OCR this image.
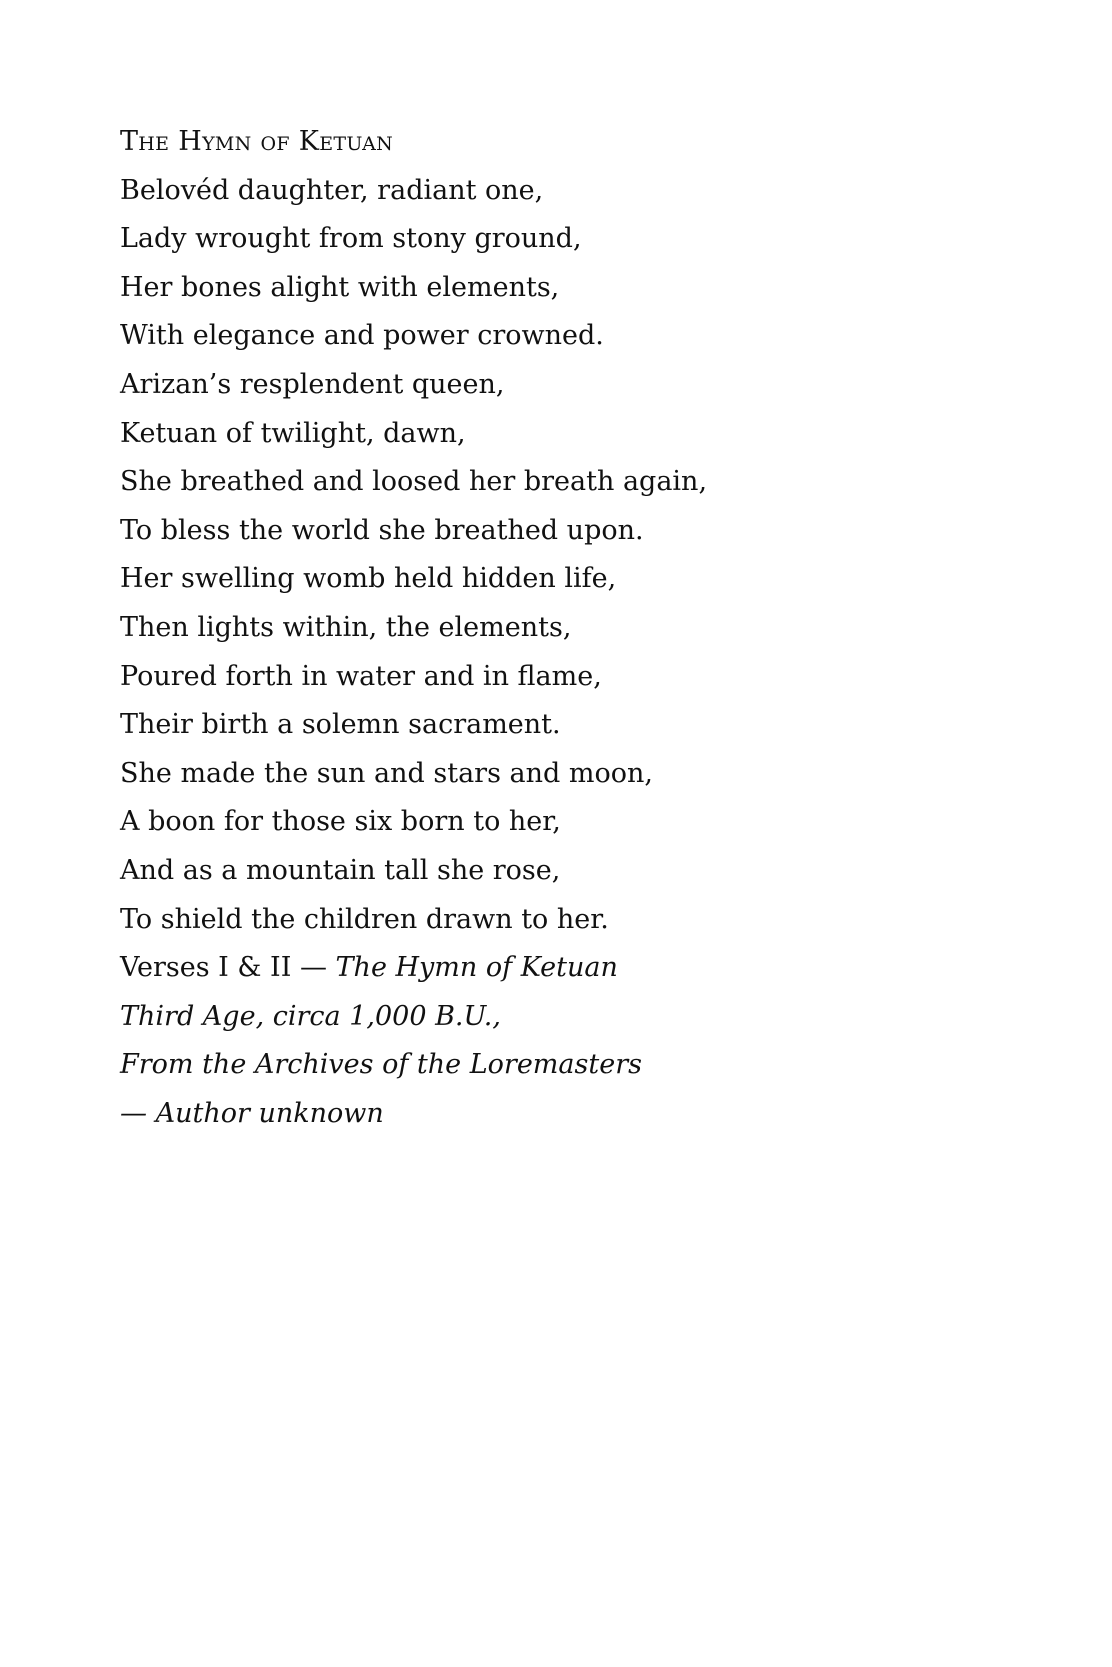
The Hymn of Ketuan
Belovéd daughter, radiant one,
Lady wrought from stony ground,
Her bones alight with elements,
With elegance and power crowned.
Arizan’s resplendent queen,
Ketuan of twilight, dawn,
She breathed and loosed her breath again,
To bless the world she breathed upon.
Her swelling womb held hidden life,
Then lights within, the elements,
Poured forth in water and in flame,
Their birth a solemn sacrament.
She made the sun and stars and moon,
A boon for those six born to her,
And as a mountain tall she rose,
To shield the children drawn to her.
Verses I & II — The Hymn of Ketuan
Third Age, circa 1,000 B.U.,
From the Archives of the Loremasters
— Author unknown
